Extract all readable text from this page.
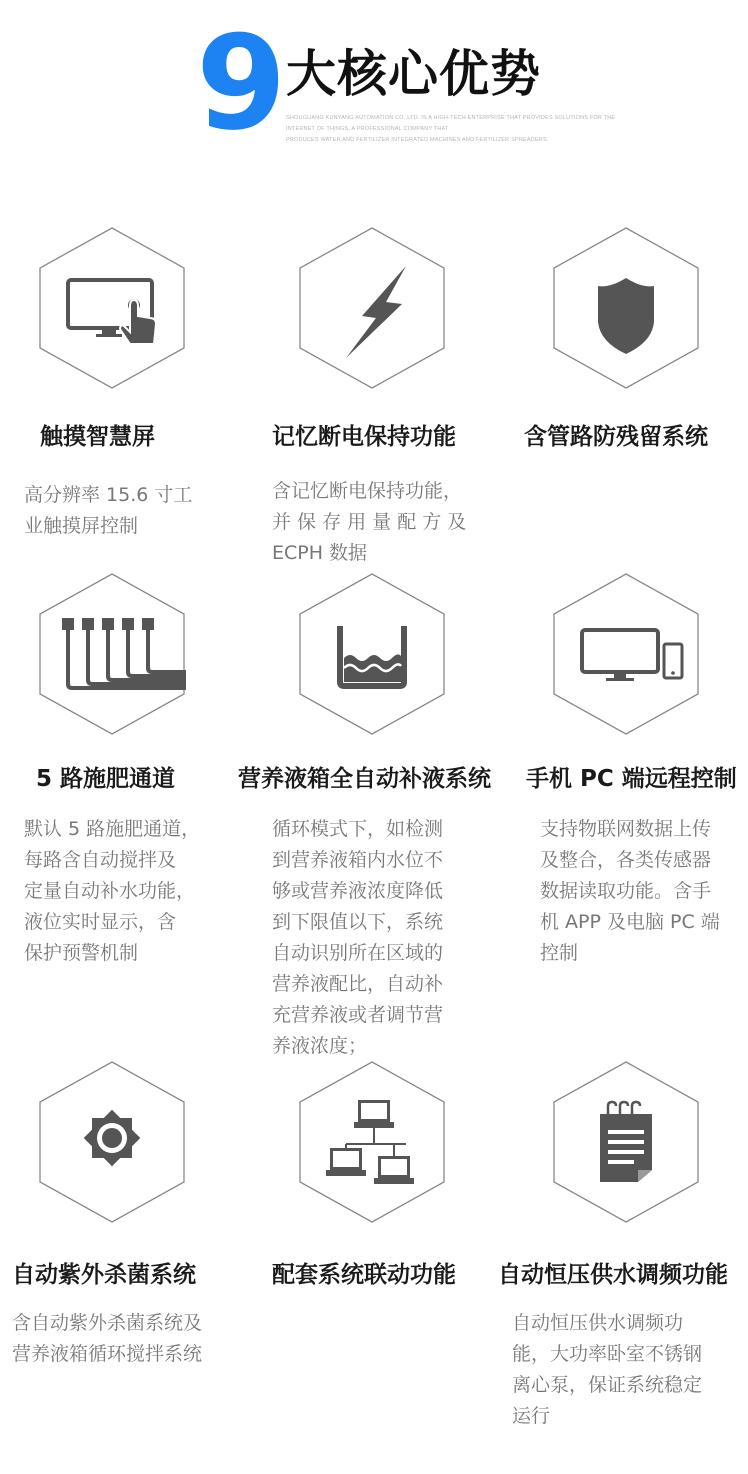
9 大核心优势
SHOUGUANG KUNYANG AUTOMATION CO.,LTD. IS A HIGH-TECH ENTERPRISE THAT PROVIDES SOLUTIONS FOR THE
INTERNET OF THINGS, A PROFESSIONAL COMPANY THAT
PRODUCES WATER AND FERTILIZER INTEGRATED MACHINES AND FERTILIZER SPREADERS.
触摸智慧屏	记忆断电保持功能	含管路防残留系统
高分辨率 15.6 寸工
业触摸屏控制
含记忆断电保持功能，
并 保 存 用 量 配 方 及
ECPH 数据
5 路施肥通道	营养液箱全自动补液系统 手机 PC 端远程控制
默认 5 路施肥通道，
每路含自动搅拌及
定量自动补水功能，
液位实时显示，含
保护预警机制
循环模式下，如检测
到营养液箱内水位不
够或营养液浓度降低
到下限值以下，系统
自动识别所在区域的
营养液配比，自动补
充营养液或者调节营
养液浓度；
支持物联网数据上传
及整合，各类传感器
数据读取功能。含手
机 APP 及电脑 PC 端
控制
自动紫外杀菌系统	配套系统联动功能 自动恒压供水调频功能
含自动紫外杀菌系统及
营养液箱循环搅拌系统
自动恒压供水调频功
能，大功率卧室不锈钢
离心泵，保证系统稳定
运行
